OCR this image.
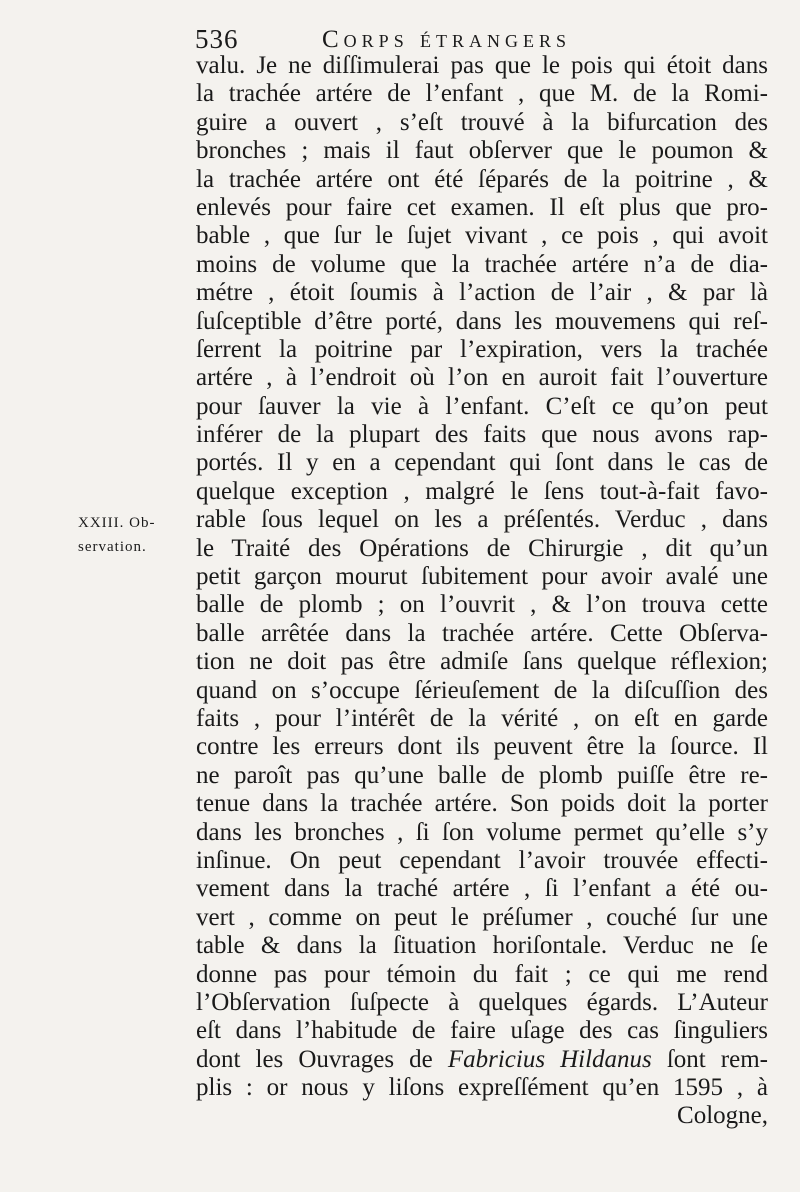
536	Corps étrangers
XXIII. Ob-
servation.
valu. Je ne diſſimulerai pas que le pois qui étoit dans
la trachée artére de l’enfant , que M. de la Romi-
guire a ouvert , s’eſt trouvé à la bifurcation des
bronches ; mais il faut obſerver que le poumon &
la trachée artére ont été ſéparés de la poitrine , &
enlevés pour faire cet examen. Il eſt plus que pro-
bable , que ſur le ſujet vivant , ce pois , qui avoit
moins de volume que la trachée artére n’a de dia-
métre , étoit ſoumis à l’action de l’air , & par là
ſuſceptible d’être porté, dans les mouvemens qui reſ-
ſerrent la poitrine par l’expiration, vers la trachée
artére , à l’endroit où l’on en auroit fait l’ouverture
pour ſauver la vie à l’enfant. C’eſt ce qu’on peut
inférer de la plupart des faits que nous avons rap-
portés. Il y en a cependant qui ſont dans le cas de
quelque exception , malgré le ſens tout-à-fait favo-
rable ſous lequel on les a préſentés. Verduc , dans
le Traité des Opérations de Chirurgie , dit qu’un
petit garçon mourut ſubitement pour avoir avalé une
balle de plomb ; on l’ouvrit , & l’on trouva cette
balle arrêtée dans la trachée artére. Cette Obſerva-
tion ne doit pas être admiſe ſans quelque réflexion;
quand on s’occupe ſérieuſement de la diſcuſſion des
faits , pour l’intérêt de la vérité , on eſt en garde
contre les erreurs dont ils peuvent être la ſource. Il
ne paroît pas qu’une balle de plomb puiſſe être re-
tenue dans la trachée artére. Son poids doit la porter
dans les bronches , ſi ſon volume permet qu’elle s’y
inſinue. On peut cependant l’avoir trouvée effecti-
vement dans la traché artére , ſi l’enfant a été ou-
vert , comme on peut le préſumer , couché ſur une
table & dans la ſituation horiſontale. Verduc ne ſe
donne pas pour témoin du fait ; ce qui me rend
l’Obſervation ſuſpecte à quelques égards. L’Auteur
eſt dans l’habitude de faire uſage des cas ſinguliers
dont les Ouvrages de Fabricius Hildanus ſont rem-
plis : or nous y liſons expreſſément qu’en 1595 , à
Cologne,
